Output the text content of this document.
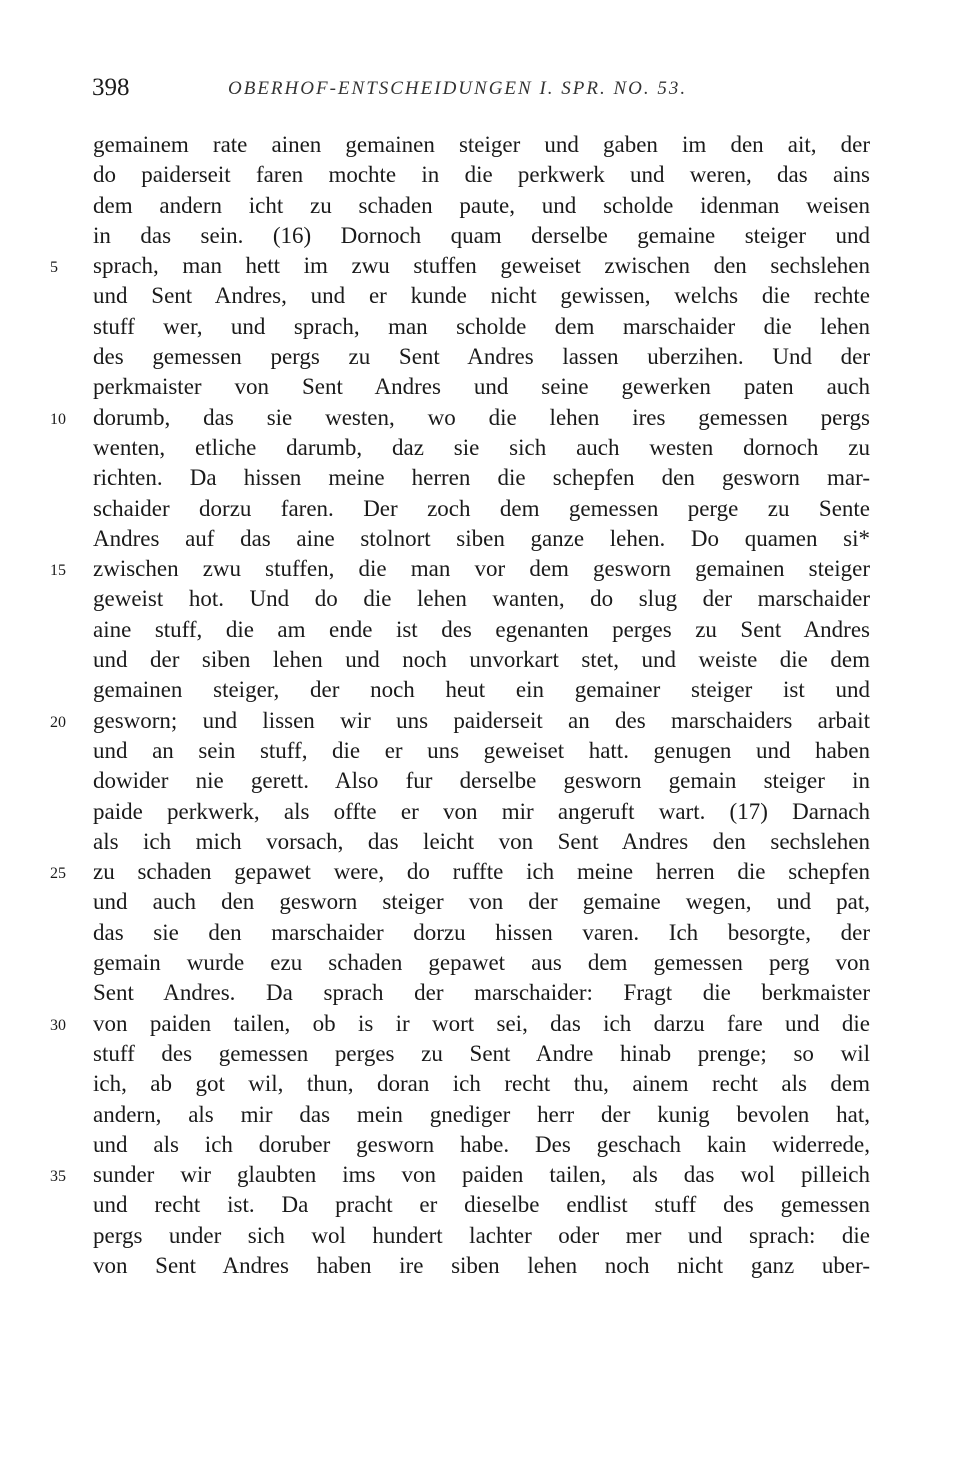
398	OBERHOF-ENTSCHEIDUNGEN I. SPR. NO. 53.
gemainem rate ainen gemainen steiger und gaben im den ait, der
do paiderseit faren mochte in die perkwerk und weren, das ains
dem andern icht zu schaden paute, und scholde idenman weisen
in das sein. (16) Dornoch quam derselbe gemaine steiger und
5	sprach, man hett im zwu stuffen geweiset zwischen den sechslehen
und Sent Andres, und er kunde nicht gewissen, welchs die rechte
stuff wer, und sprach, man scholde dem marschaider die lehen
des gemessen pergs zu Sent Andres lassen uberzihen. Und der
perkmaister von Sent Andres und seine gewerken paten auch
10	dorumb, das sie westen, wo die lehen ires gemessen pergs
wenten, etliche darumb, daz sie sich auch westen dornoch zu
richten. Da hissen meine herren die schepfen den gesworn mar-
schaider dorzu faren. Der zoch dem gemessen perge zu Sente
Andres auf das aine stolnort siben ganze lehen. Do quamen si*
15	zwischen zwu stuffen, die man vor dem gesworn gemainen steiger
geweist hot. Und do die lehen wanten, do slug der marschaider
aine stuff, die am ende ist des egenanten perges zu Sent Andres
und der siben lehen und noch unvorkart stet, und weiste die dem
gemainen steiger, der noch heut ein gemainer steiger ist und
20	gesworn; und lissen wir uns paiderseit an des marschaiders arbait
und an sein stuff, die er uns geweiset hatt. genugen und haben
dowider nie gerett. Also fur derselbe gesworn gemain steiger in
paide perkwerk, als offte er von mir angeruft wart. (17) Darnach
als ich mich vorsach, das leicht von Sent Andres den sechslehen
25	zu schaden gepawet were, do ruffte ich meine herren die schepfen
und auch den gesworn steiger von der gemaine wegen, und pat,
das sie den marschaider dorzu hissen varen. Ich besorgte, der
gemain wurde ezu schaden gepawet aus dem gemessen perg von
Sent Andres. Da sprach der marschaider: Fragt die berkmaister
30	von paiden tailen, ob is ir wort sei, das ich darzu fare und die
stuff des gemessen perges zu Sent Andre hinab prenge; so wil
ich, ab got wil, thun, doran ich recht thu, ainem recht als dem
andern, als mir das mein gnediger herr der kunig bevolen hat,
und als ich doruber gesworn habe. Des geschach kain widerrede,
35	sunder wir glaubten ims von paiden tailen, als das wol pilleich
und recht ist. Da pracht er dieselbe endlist stuff des gemessen
pergs under sich wol hundert lachter oder mer und sprach: die
von Sent Andres haben ire siben lehen noch nicht ganz uber-
